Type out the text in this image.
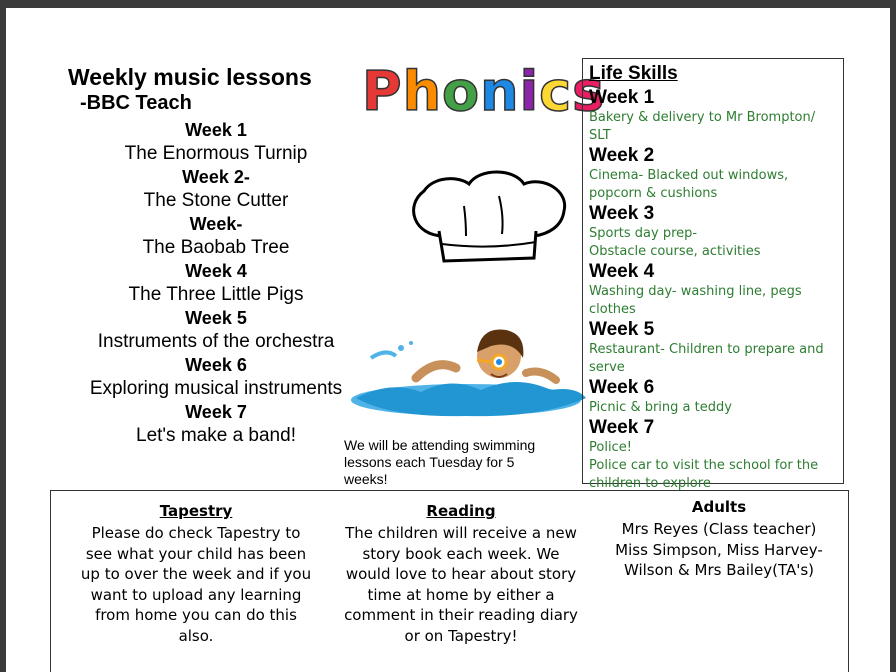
Weekly music lessons
-BBC Teach
Week 1
The Enormous Turnip
Week 2-
The Stone Cutter
Week-
The Baobab Tree
Week 4
The Three Little Pigs
Week 5
Instruments of the orchestra
Week 6
Exploring musical instruments
Week 7
Let's make a band!
Phonics
We will be attending swimming lessons each Tuesday for 5 weeks!
Life Skills
Week 1
Bakery & delivery to Mr Brompton/ SLT
Week 2
Cinema- Blacked out windows,
popcorn & cushions
Week 3
Sports day prep-
Obstacle course, activities
Week 4
Washing day- washing line, pegs
clothes
Week 5
Restaurant- Children to prepare and
serve
Week 6
Picnic & bring a teddy
Week 7
Police!
Police car to visit the school for the
children to explore
Tapestry

Please do check Tapestry to
see what your child has been
up to over the week and if you
want to upload any learning
from home you can do this
also.

Reading

The children will receive a new
story book each week. We
would love to hear about story
time at home by either a
comment in their reading diary
or on Tapestry!

Adults

Mrs Reyes (Class teacher)
Miss Simpson, Miss Harvey-
Wilson & Mrs Bailey(TA's)
